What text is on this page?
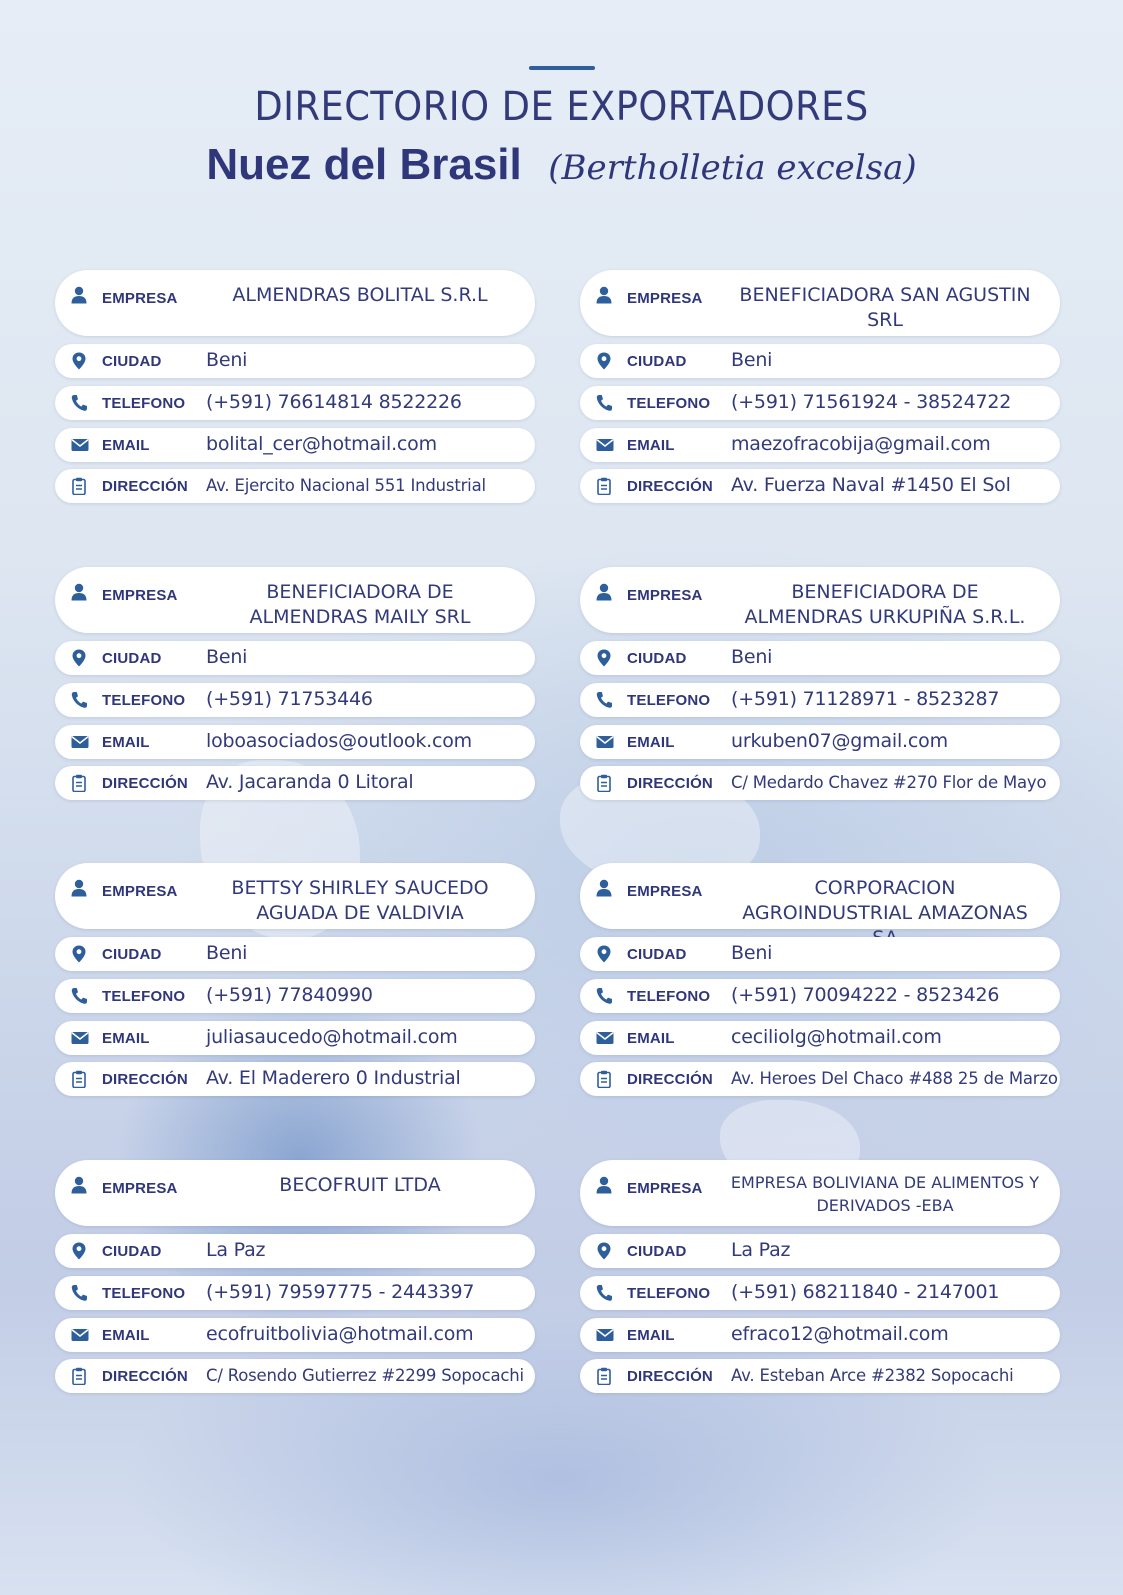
DIRECTORIO DE EXPORTADORES
Nuez del Brasil (Bertholletia excelsa)
EMPRESA	ALMENDRAS BOLITAL S.R.L
CIUDAD Beni
TELEFONO (+591) 76614814 8522226
EMAIL	bolital_cer@hotmail.com
DIRECCIÓN Av. Ejercito Nacional 551 Industrial
EMPRESA	BENEFICIADORA SAN AGUSTIN SRL
CIUDAD Beni
TELEFONO (+591) 71561924 - 38524722
EMAIL	maezofracobija@gmail.com
DIRECCIÓN Av. Fuerza Naval #1450 El Sol
EMPRESA	BENEFICIADORA DE ALMENDRAS MAILY SRL
CIUDAD Beni
TELEFONO (+591) 71753446
EMAIL	loboasociados@outlook.com
DIRECCIÓN Av. Jacaranda 0 Litoral
EMPRESA	BENEFICIADORA DE ALMENDRAS URKUPIÑA S.R.L.
CIUDAD Beni
TELEFONO (+591) 71128971 - 8523287
EMAIL	urkuben07@gmail.com
DIRECCIÓN C/ Medardo Chavez #270 Flor de Mayo
EMPRESA	BETTSY SHIRLEY SAUCEDO AGUADA DE VALDIVIA
CIUDAD Beni
TELEFONO (+591) 77840990
EMAIL	juliasaucedo@hotmail.com
DIRECCIÓN Av. El Maderero 0 Industrial
EMPRESA	CORPORACION AGROINDUSTRIAL AMAZONAS
CIUDAD Beni
TELEFONO (+591) 70094222 - 8523426
EMAIL	ceciliolg@hotmail.com
DIRECCIÓN Av. Heroes Del Chaco #488 25 de Marzo
EMPRESA	BECOFRUIT LTDA
CIUDAD La Paz
TELEFONO (+591) 79597775 - 2443397
EMAIL	ecofruitbolivia@hotmail.com
DIRECCIÓN C/ Rosendo Gutierrez #2299 Sopocachi
EMPRESA EMPRESA BOLIVIANA DE ALIMENTOS Y DERIVADOS -EBA
CIUDAD La Paz
TELEFONO (+591) 68211840 - 2147001
EMAIL	efraco12@hotmail.com
DIRECCIÓN Av. Esteban Arce #2382 Sopocachi
